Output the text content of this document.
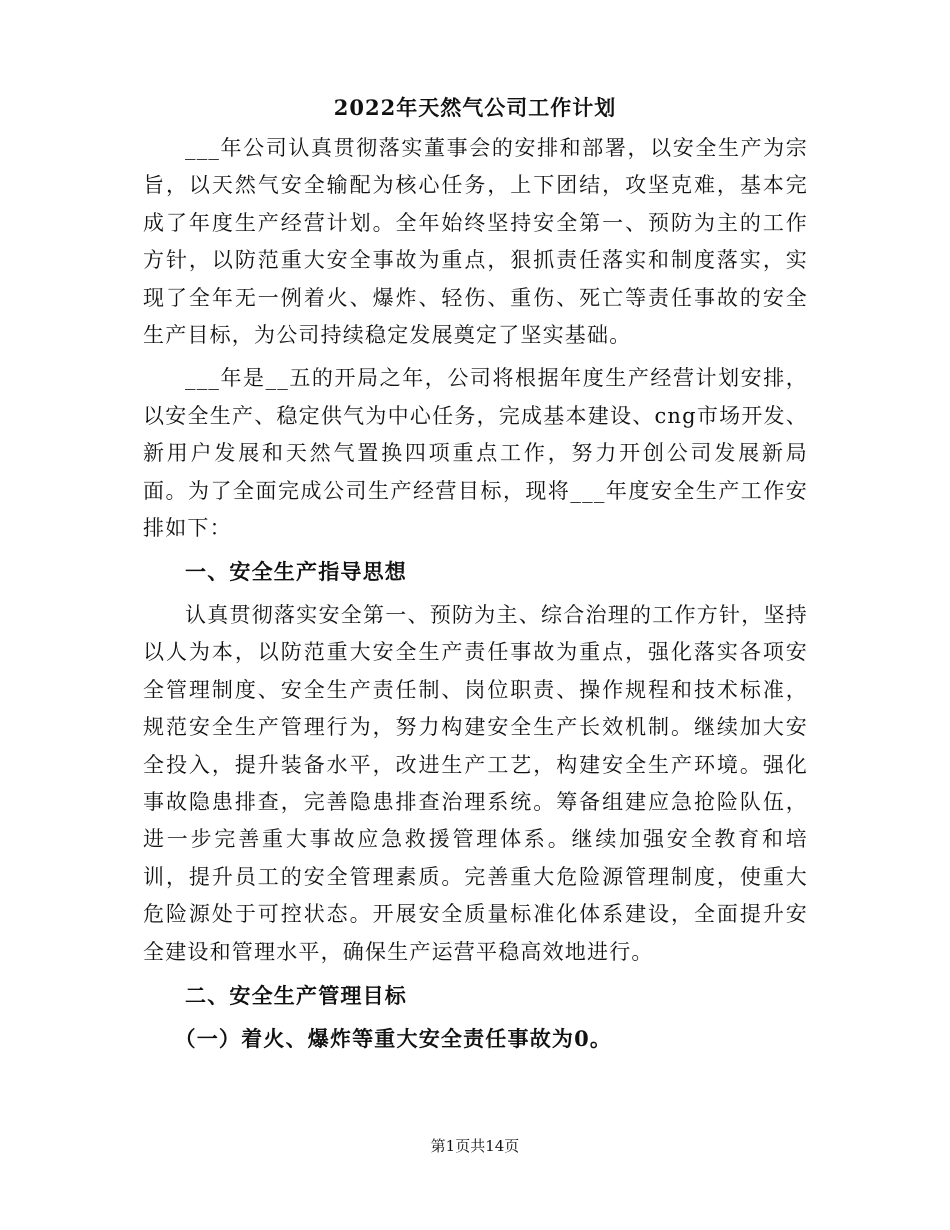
2022年天然气公司工作计划

___年公司认真贯彻落实董事会的安排和部署，以安全生产为宗旨，以天然气安全输配为核心任务，上下团结，攻坚克难，基本完成了年度生产经营计划。全年始终坚持安全第一、预防为主的工作方针，以防范重大安全事故为重点，狠抓责任落实和制度落实，实现了全年无一例着火、爆炸、轻伤、重伤、死亡等责任事故的安全生产目标，为公司持续稳定发展奠定了坚实基础。

___年是__五的开局之年，公司将根据年度生产经营计划安排，以安全生产、稳定供气为中心任务，完成基本建设、cng市场开发、新用户发展和天然气置换四项重点工作，努力开创公司发展新局面。为了全面完成公司生产经营目标，现将___年度安全生产工作安排如下：

一、安全生产指导思想

认真贯彻落实安全第一、预防为主、综合治理的工作方针，坚持以人为本，以防范重大安全生产责任事故为重点，强化落实各项安全管理制度、安全生产责任制、岗位职责、操作规程和技术标准，规范安全生产管理行为，努力构建安全生产长效机制。继续加大安全投入，提升装备水平，改进生产工艺，构建安全生产环境。强化事故隐患排查，完善隐患排查治理系统。筹备组建应急抢险队伍，进一步完善重大事故应急救援管理体系。继续加强安全教育和培训，提升员工的安全管理素质。完善重大危险源管理制度，使重大危险源处于可控状态。开展安全质量标准化体系建设，全面提升安全建设和管理水平，确保生产运营平稳高效地进行。

二、安全生产管理目标

（一）着火、爆炸等重大安全责任事故为0。

第1页共14页
